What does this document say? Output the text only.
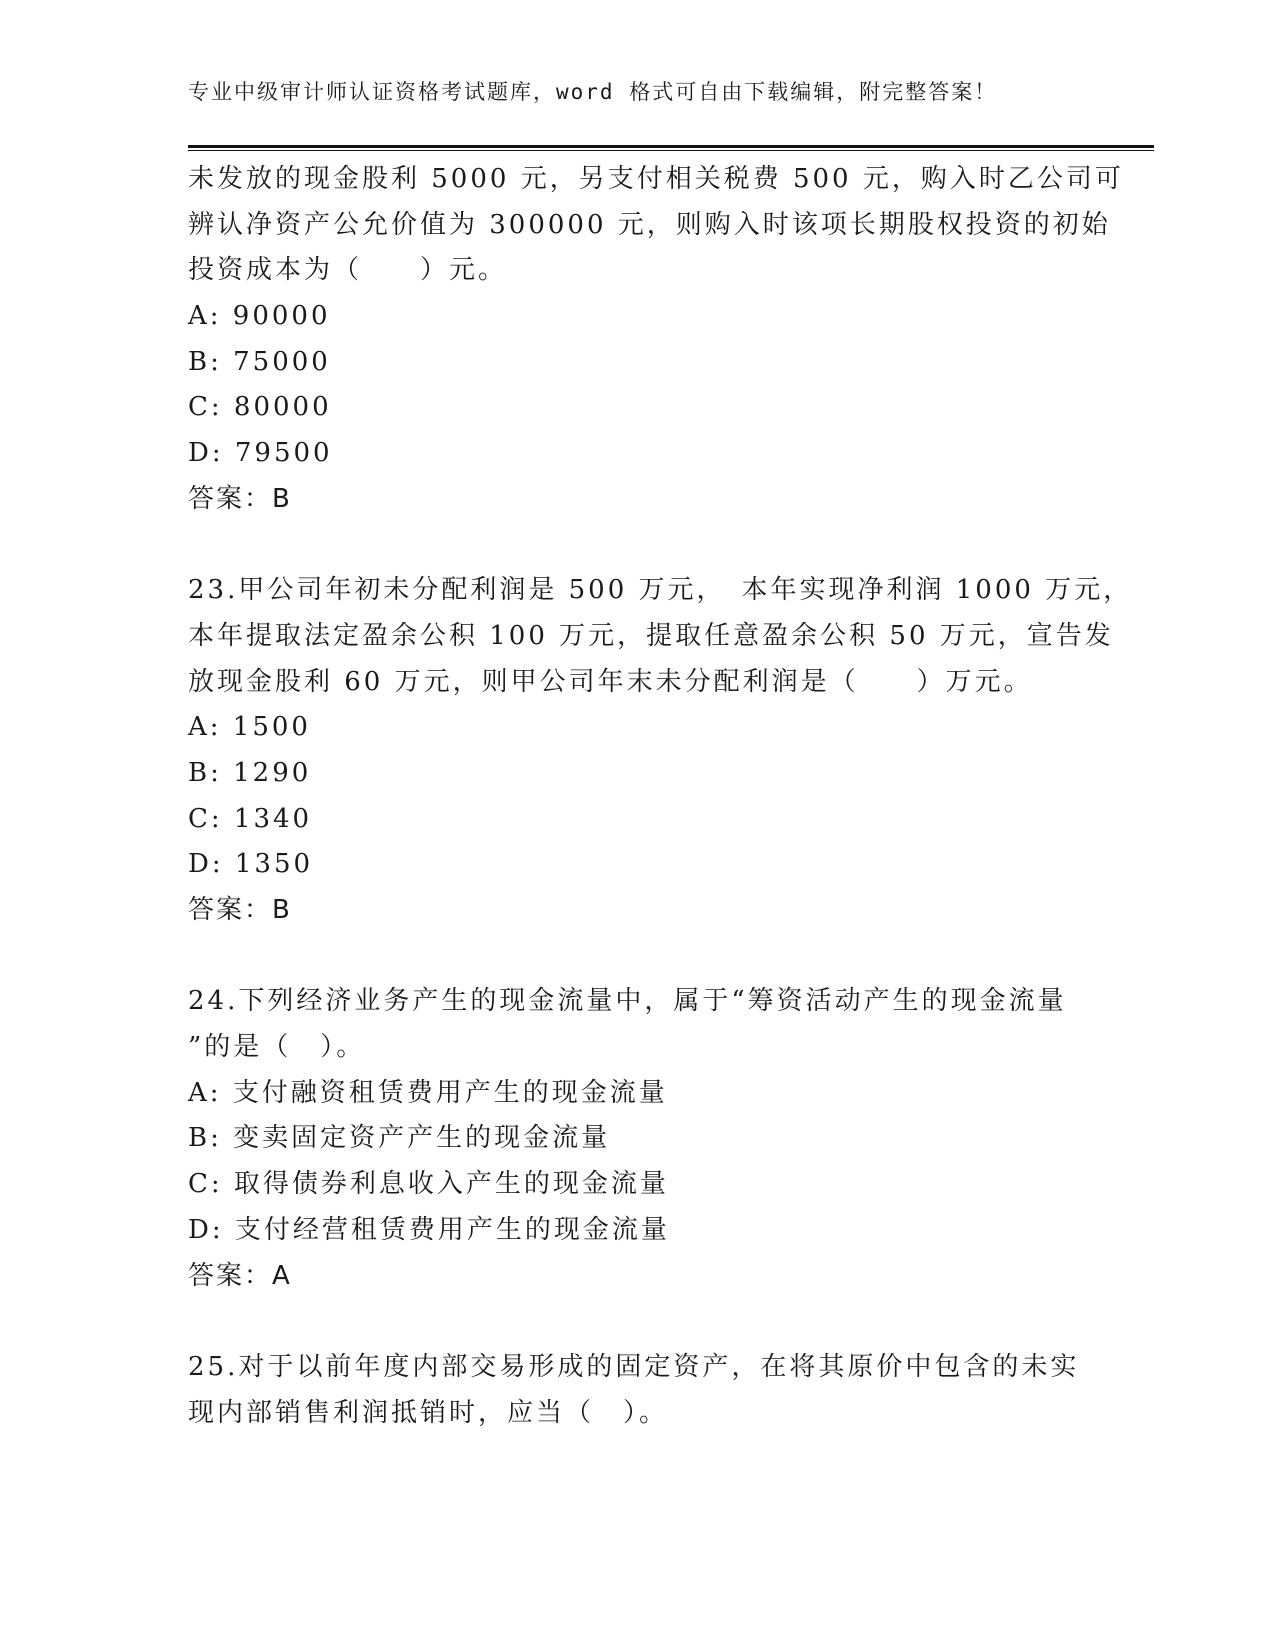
专业中级审计师认证资格考试题库，word 格式可自由下载编辑，附完整答案！
未发放的现金股利 5000 元，另支付相关税费 500 元，购入时乙公司可
辨认净资产公允价值为 300000 元，则购入时该项长期股权投资的初始
投资成本为（　　）元。
A: 90000
B: 75000
C: 80000
D: 79500
答案：B
23.甲公司年初未分配利润是 500 万元，　本年实现净利润 1000 万元，
本年提取法定盈余公积 100 万元，提取任意盈余公积 50 万元，宣告发
放现金股利 60 万元，则甲公司年末未分配利润是（　　）万元。
A: 1500
B: 1290
C: 1340
D: 1350
答案：B
24.下列经济业务产生的现金流量中，属于“筹资活动产生的现金流量
”的是（　）。
A: 支付融资租赁费用产生的现金流量
B: 变卖固定资产产生的现金流量
C: 取得债券利息收入产生的现金流量
D: 支付经营租赁费用产生的现金流量
答案：A
25.对于以前年度内部交易形成的固定资产，在将其原价中包含的未实
现内部销售利润抵销时，应当（　）。
